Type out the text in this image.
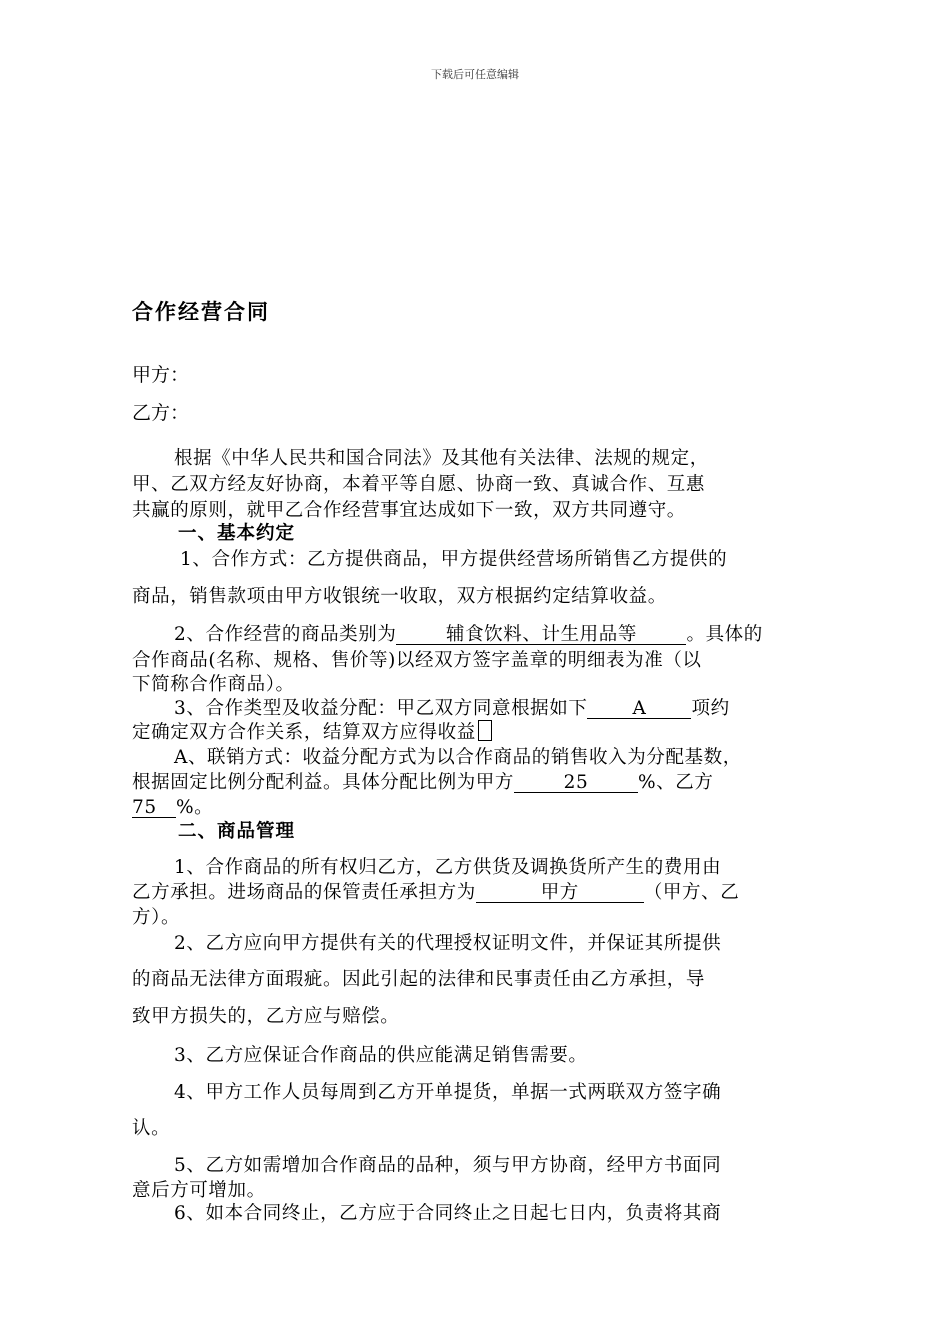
下载后可任意编辑
合作经营合同
甲方：
乙方：
根据《中华人民共和国合同法》及其他有关法律、法规的规定，
甲、乙双方经友好协商，本着平等自愿、协商一致、真诚合作、互惠
共赢的原则，就甲乙合作经营事宜达成如下一致，双方共同遵守。
一、基本约定
1、合作方式：乙方提供商品，甲方提供经营场所销售乙方提供的
商品，销售款项由甲方收银统一收取，双方根据约定结算收益。
2、合作经营的商品类别为	辅食饮料、计生用品等	。具体的
合作商品(名称、规格、售价等)以经双方签字盖章的明细表为准（以
下简称合作商品）。
3、合作类型及收益分配：甲乙双方同意根据如下 A 项约
定确定双方合作关系，结算双方应得收益
A、联销方式：收益分配方式为以合作商品的销售收入为分配基数，
根据固定比例分配利益。具体分配比例为甲方	25	%、乙方
75 %。
二、商品管理
1、合作商品的所有权归乙方，乙方供货及调换货所产生的费用由
乙方承担。进场商品的保管责任承担方为	甲方	（甲方、乙
方）。
2、乙方应向甲方提供有关的代理授权证明文件，并保证其所提供
的商品无法律方面瑕疵。因此引起的法律和民事责任由乙方承担，导
致甲方损失的，乙方应与赔偿。
3、乙方应保证合作商品的供应能满足销售需要。
4、甲方工作人员每周到乙方开单提货，单据一式两联双方签字确
认。
5、乙方如需增加合作商品的品种，须与甲方协商，经甲方书面同
意后方可增加。
6、如本合同终止，乙方应于合同终止之日起七日内，负责将其商
